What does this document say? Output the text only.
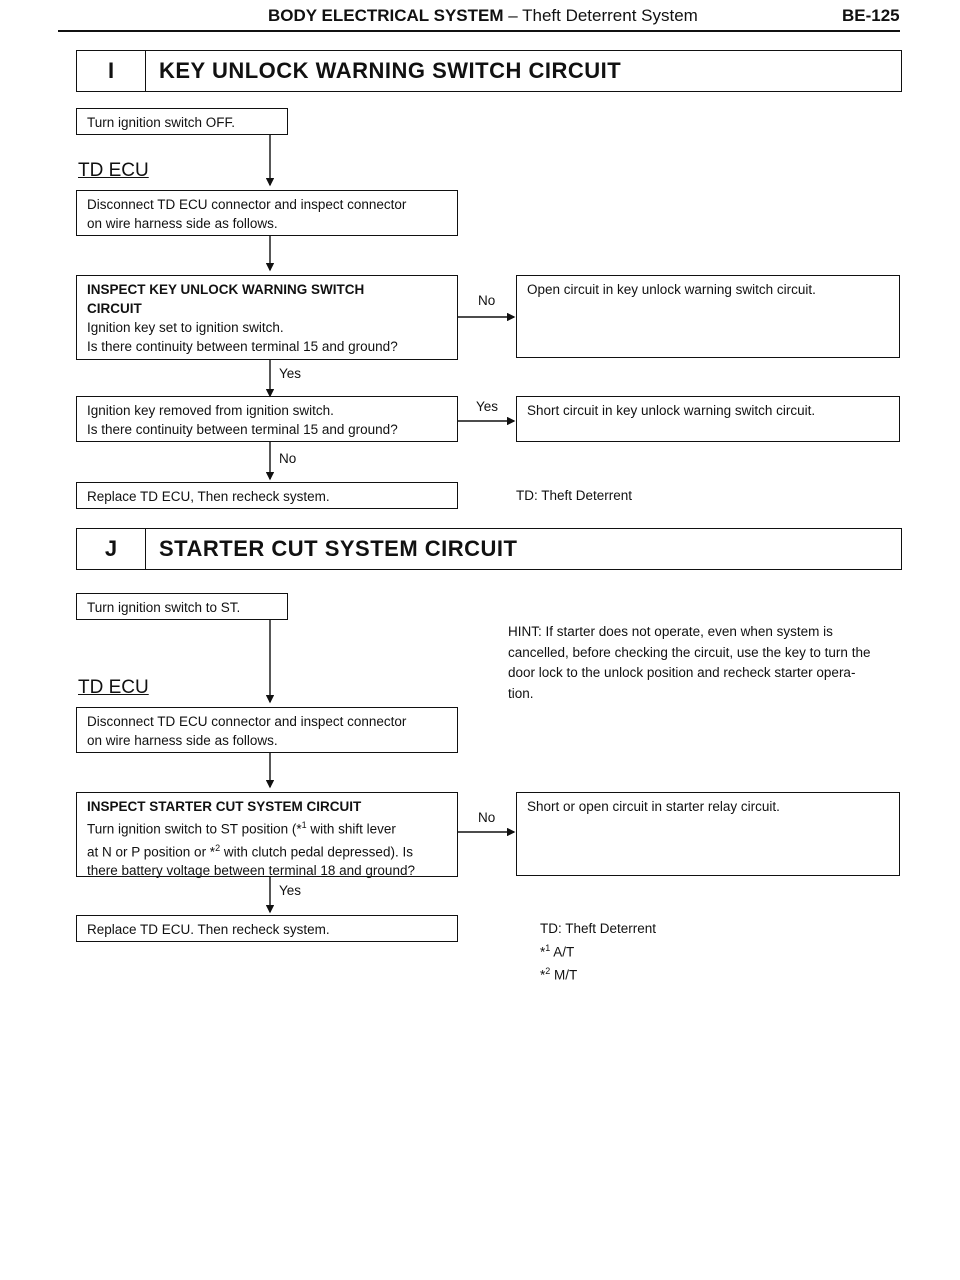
BODY ELECTRICAL SYSTEM – Theft Deterrent System	BE-125
I	KEY UNLOCK WARNING SWITCH CIRCUIT
Turn ignition switch OFF.
TD ECU
Disconnect TD ECU connector and inspect connector
on wire harness side as follows.
INSPECT KEY UNLOCK WARNING SWITCH
CIRCUIT
Ignition key set to ignition switch.
Is there continuity between terminal 15 and ground?
No
Open circuit in key unlock warning switch circuit.
Yes
Ignition key removed from ignition switch.
Is there continuity between terminal 15 and ground?
Yes	Short circuit in key unlock warning switch circuit.
No
Replace TD ECU, Then recheck system.	TD: Theft Deterrent
J	STARTER CUT SYSTEM CIRCUIT
Turn ignition switch to ST.
HINT: If starter does not operate, even when system is
cancelled, before checking the circuit, use the key to turn the
door lock to the unlock position and recheck starter opera-
tion.
TD ECU
Disconnect TD ECU connector and inspect connector
on wire harness side as follows.
INSPECT STARTER CUT SYSTEM CIRCUIT
Turn ignition switch to ST position (*$^1$ with shift lever
at N or P position or *$^2$ with clutch pedal depressed). Is
there battery voltage between terminal 18 and ground?
No
Short or open circuit in starter relay circuit.
Yes
Replace TD ECU. Then recheck system.	TD: Theft Deterrent
*$^1$ A/T
*$^2$ M/T
